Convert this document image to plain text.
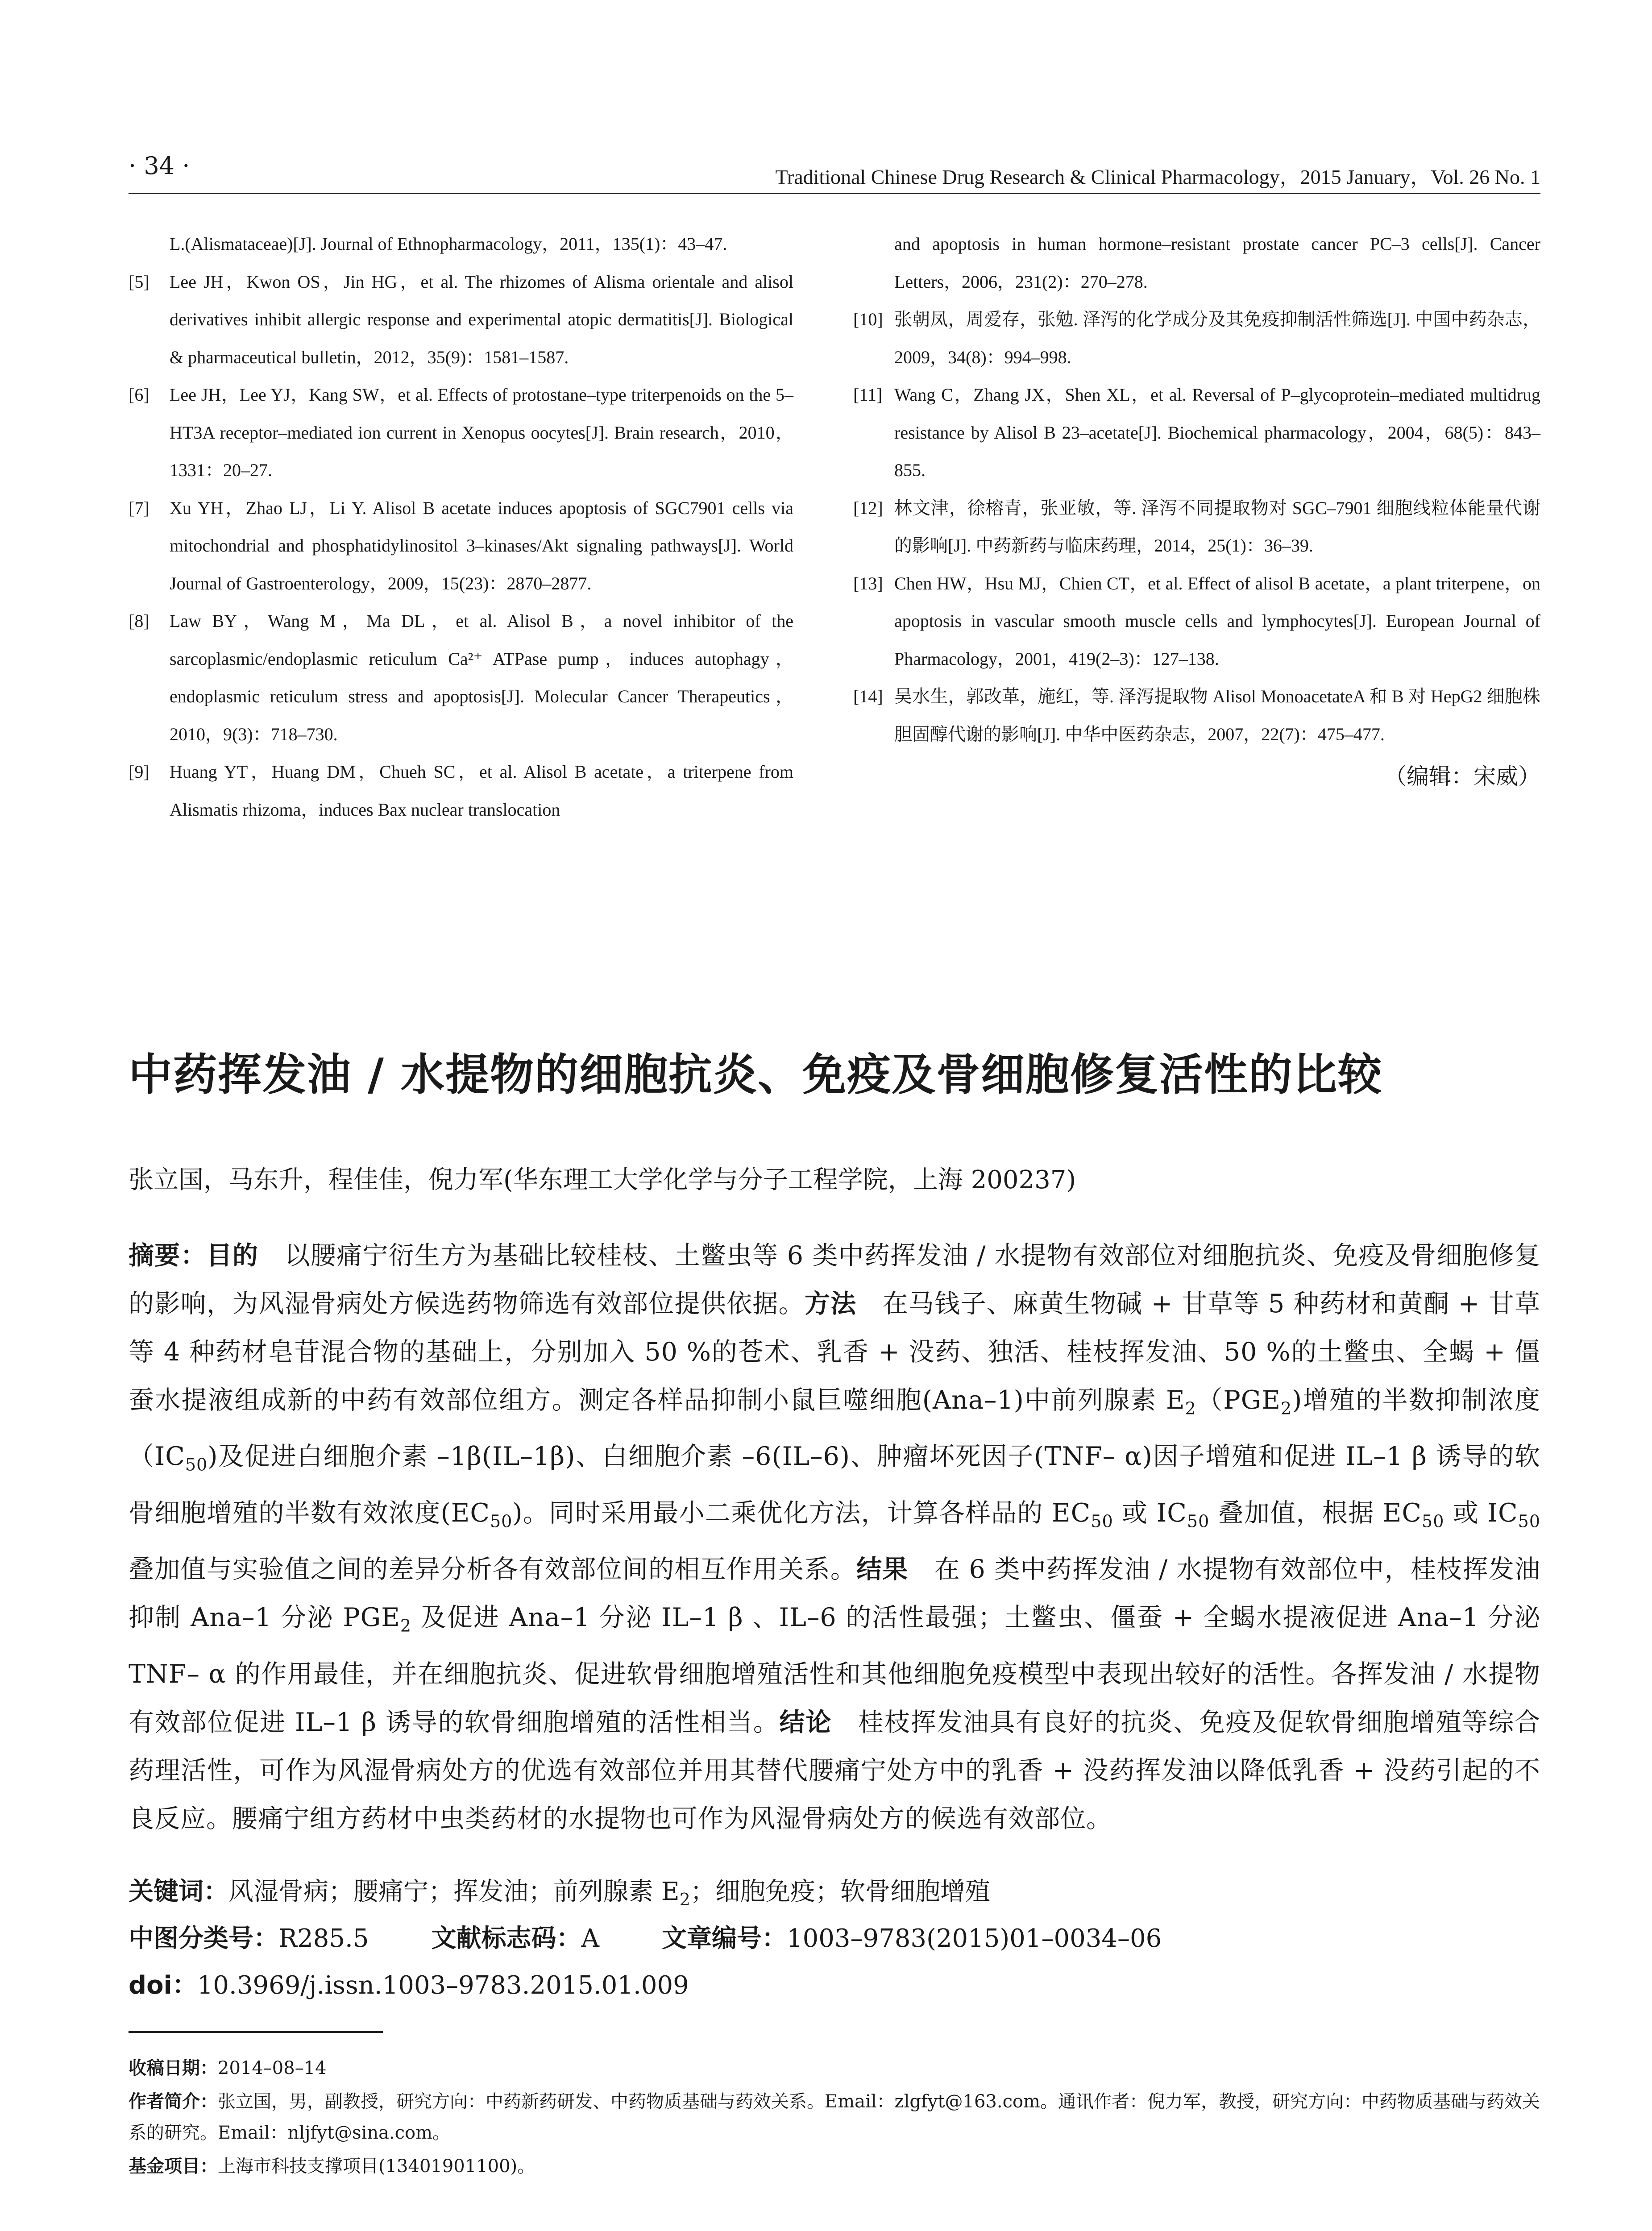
· 34 ·	Traditional Chinese Drug Research & Clinical Pharmacology，2015 January，Vol. 26 No. 1
L.(Alismataceae)[J]. Journal of Ethnopharmacology，2011，135(1)：43–47.
[5] Lee JH，Kwon OS，Jin HG，et al. The rhizomes of Alisma orientale and alisol derivatives inhibit allergic response and experimental atopic dermatitis[J]. Biological & pharmaceutical bulletin，2012，35(9)：1581–1587.
[6] Lee JH，Lee YJ，Kang SW，et al. Effects of protostane–type triterpenoids on the 5–HT3A receptor–mediated ion current in Xenopus oocytes[J]. Brain research，2010，1331：20–27.
[7] Xu YH，Zhao LJ，Li Y. Alisol B acetate induces apoptosis of SGC7901 cells via mitochondrial and phosphatidylinositol 3–kinases/Akt signaling pathways[J]. World Journal of Gastroenterology，2009，15(23)：2870–2877.
[8] Law BY，Wang M，Ma DL，et al. Alisol B，a novel inhibitor of the sarcoplasmic/endoplasmic reticulum Ca²⁺ ATPase pump，induces autophagy，endoplasmic reticulum stress and apoptosis[J]. Molecular Cancer Therapeutics，2010，9(3)：718–730.
[9] Huang YT，Huang DM，Chueh SC，et al. Alisol B acetate，a triterpene from Alismatis rhizoma，induces Bax nuclear translocation
and apoptosis in human hormone–resistant prostate cancer PC–3 cells[J]. Cancer Letters，2006，231(2)：270–278.
[10] 张朝凤，周爱存，张勉. 泽泻的化学成分及其免疫抑制活性筛选[J]. 中国中药杂志，2009，34(8)：994–998.
[11] Wang C，Zhang JX，Shen XL，et al. Reversal of P–glycoprotein–mediated multidrug resistance by Alisol B 23–acetate[J]. Biochemical pharmacology，2004，68(5)：843–855.
[12] 林文津，徐榕青，张亚敏，等. 泽泻不同提取物对 SGC–7901 细胞线粒体能量代谢的影响[J]. 中药新药与临床药理，2014，25(1)：36–39.
[13] Chen HW，Hsu MJ，Chien CT，et al. Effect of alisol B acetate，a plant triterpene，on apoptosis in vascular smooth muscle cells and lymphocytes[J]. European Journal of Pharmacology，2001，419(2–3)：127–138.
[14] 吴水生，郭改革，施红，等. 泽泻提取物 Alisol MonoacetateA 和 B 对 HepG2 细胞株胆固醇代谢的影响[J]. 中华中医药杂志，2007，22(7)：475–477.
（编辑：宋威）
中药挥发油 / 水提物的细胞抗炎、免疫及骨细胞修复活性的比较
张立国，马东升，程佳佳，倪力军(华东理工大学化学与分子工程学院，上海 200237)
摘要：目的　以腰痛宁衍生方为基础比较桂枝、土鳖虫等 6 类中药挥发油 / 水提物有效部位对细胞抗炎、免疫及骨细胞修复的影响，为风湿骨病处方候选药物筛选有效部位提供依据。方法　在马钱子、麻黄生物碱 + 甘草等 5 种药材和黄酮 + 甘草等 4 种药材皂苷混合物的基础上，分别加入 50 %的苍术、乳香 + 没药、独活、桂枝挥发油、50 %的土鳖虫、全蝎 + 僵蚕水提液组成新的中药有效部位组方。测定各样品抑制小鼠巨噬细胞(Ana–1)中前列腺素 $E_2(PGE_2)$增殖的半数抑制浓度$(IC_{50})$及促进白细胞介素 –1β(IL–1β)、白细胞介素 –6(IL–6)、肿瘤坏死因子(TNF– α)因子增殖和促进 IL–1 β 诱导的软骨细胞增殖的半数有效浓度$(EC_{50})$。同时采用最小二乘优化方法，计算各样品的 $EC_{50}$ 或 $IC_{50}$ 叠加值，根据 $EC_{50}$ 或 $IC_{50}$ 叠加值与实验值之间的差异分析各有效部位间的相互作用关系。结果　在 6 类中药挥发油 / 水提物有效部位中，桂枝挥发油抑制 Ana–1 分泌 $PGE_2$ 及促进 Ana–1 分泌 IL–1 β 、IL–6 的活性最强；土鳖虫、僵蚕 + 全蝎水提液促进 Ana–1 分泌 TNF– α 的作用最佳，并在细胞抗炎、促进软骨细胞增殖活性和其他细胞免疫模型中表现出较好的活性。各挥发油 / 水提物有效部位促进 IL–1 β 诱导的软骨细胞增殖的活性相当。结论　桂枝挥发油具有良好的抗炎、免疫及促软骨细胞增殖等综合药理活性，可作为风湿骨病处方的优选有效部位并用其替代腰痛宁处方中的乳香 + 没药挥发油以降低乳香 + 没药引起的不良反应。腰痛宁组方药材中虫类药材的水提物也可作为风湿骨病处方的候选有效部位。
关键词：风湿骨病；腰痛宁；挥发油；前列腺素 $E_2$；细胞免疫；软骨细胞增殖
中图分类号：R285.5	文献标志码：A	文章编号：1003–9783(2015)01–0034–06
doi：10.3969/j.issn.1003–9783.2015.01.009
收稿日期：2014–08–14
作者简介：张立国，男，副教授，研究方向：中药新药研发、中药物质基础与药效关系。Email：zlgfyt@163.com。通讯作者：倪力军，教授，研究方向：中药物质基础与药效关系的研究。Email：nljfyt@sina.com。
基金项目：上海市科技支撑项目(13401901100)。
